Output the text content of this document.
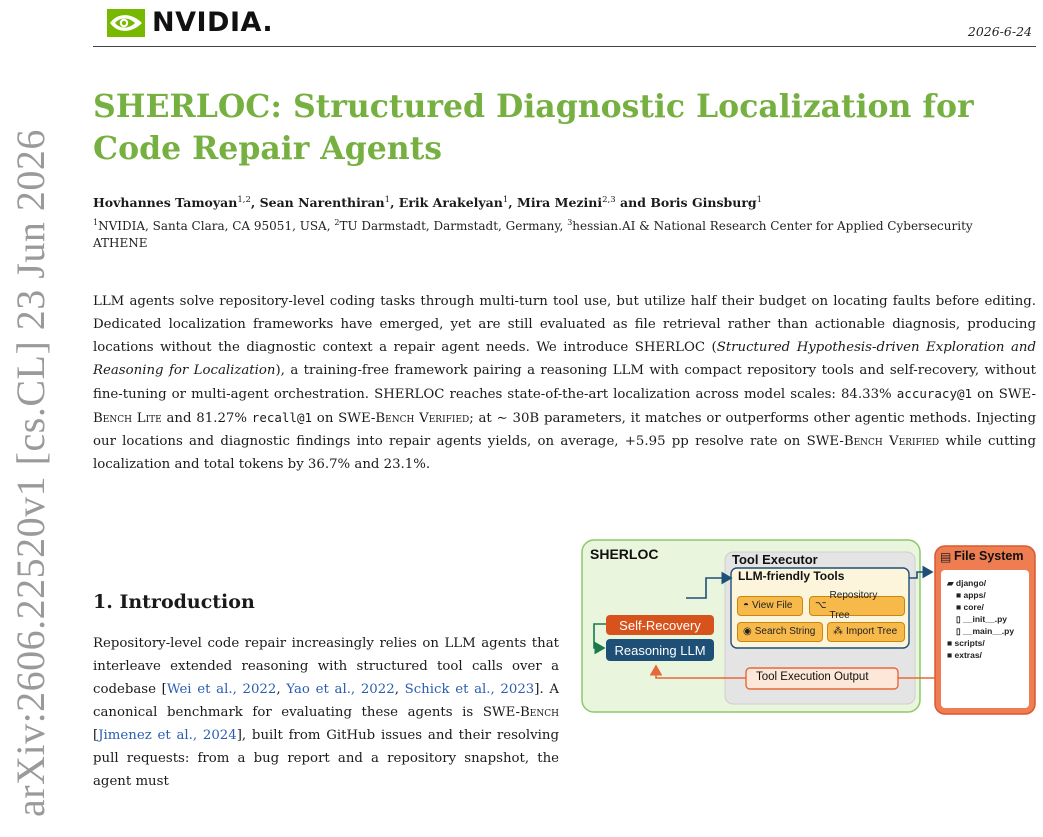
arXiv:2606.22520v1 [cs.CL] 23 Jun 2026
NVIDIA.	2026-6-24
SHERLOC: Structured Diagnostic Localization for
Code Repair Agents
Hovhannes Tamoyan$^{1,2}$, Sean Narenthiran$^1$, Erik Arakelyan$^1$, Mira Mezini$^{2,3}$ and Boris Ginsburg$^1$
$^1$NVIDIA, Santa Clara, CA 95051, USA, $^2$TU Darmstadt, Darmstadt, Germany, $^3$hessian.AI & National Research Center for Applied Cybersecurity ATHENE

LLM agents solve repository-level coding tasks through multi-turn tool use, but utilize half their budget on locating faults before editing. Dedicated localization frameworks have emerged, yet are still evaluated as file retrieval rather than actionable diagnosis, producing locations without the diagnostic context a repair agent needs. We introduce SHERLOC (Structured Hypothesis-driven Exploration and Reasoning for Localization), a training-free framework pairing a reasoning LLM with compact repository tools and self-recovery, without fine-tuning or multi-agent orchestration. SHERLOC reaches state-of-the-art localization across model scales: 84.33% accuracy@1 on SWE-Bench Lite and 81.27% recall@1 on SWE-Bench Verified; at ∼ 30B parameters, it matches or outperforms other agentic methods. Injecting our locations and diagnostic findings into repair agents yields, on average, +5.95 pp resolve rate on SWE-Bench Verified while cutting localization and total tokens by 36.7% and 23.1%.

1. Introduction

Repository-level code repair increasingly relies on LLM agents that interleave extended reasoning with structured tool calls over a codebase [Wei et al., 2022, Yao et al., 2022, Schick et al., 2023]. A canonical benchmark for evaluating these agents is SWE-Bench [Jimenez et al., 2024], built from GitHub issues and their resolving pull requests: from a bug report and a repository snapshot, the agent must

SHERLOC	Tool Executor
LLM-friendly Tools
Self-Recovery
Reasoning LLM
◓ View File ⌥
Repository Tree
◉ Search String ⁂ Import Tree
Tool Execution Output
▤ File System
▰ django/
■ apps/
■ core/
▯ __init__.py
▯ __main__.py
■ scripts/
■ extras/
